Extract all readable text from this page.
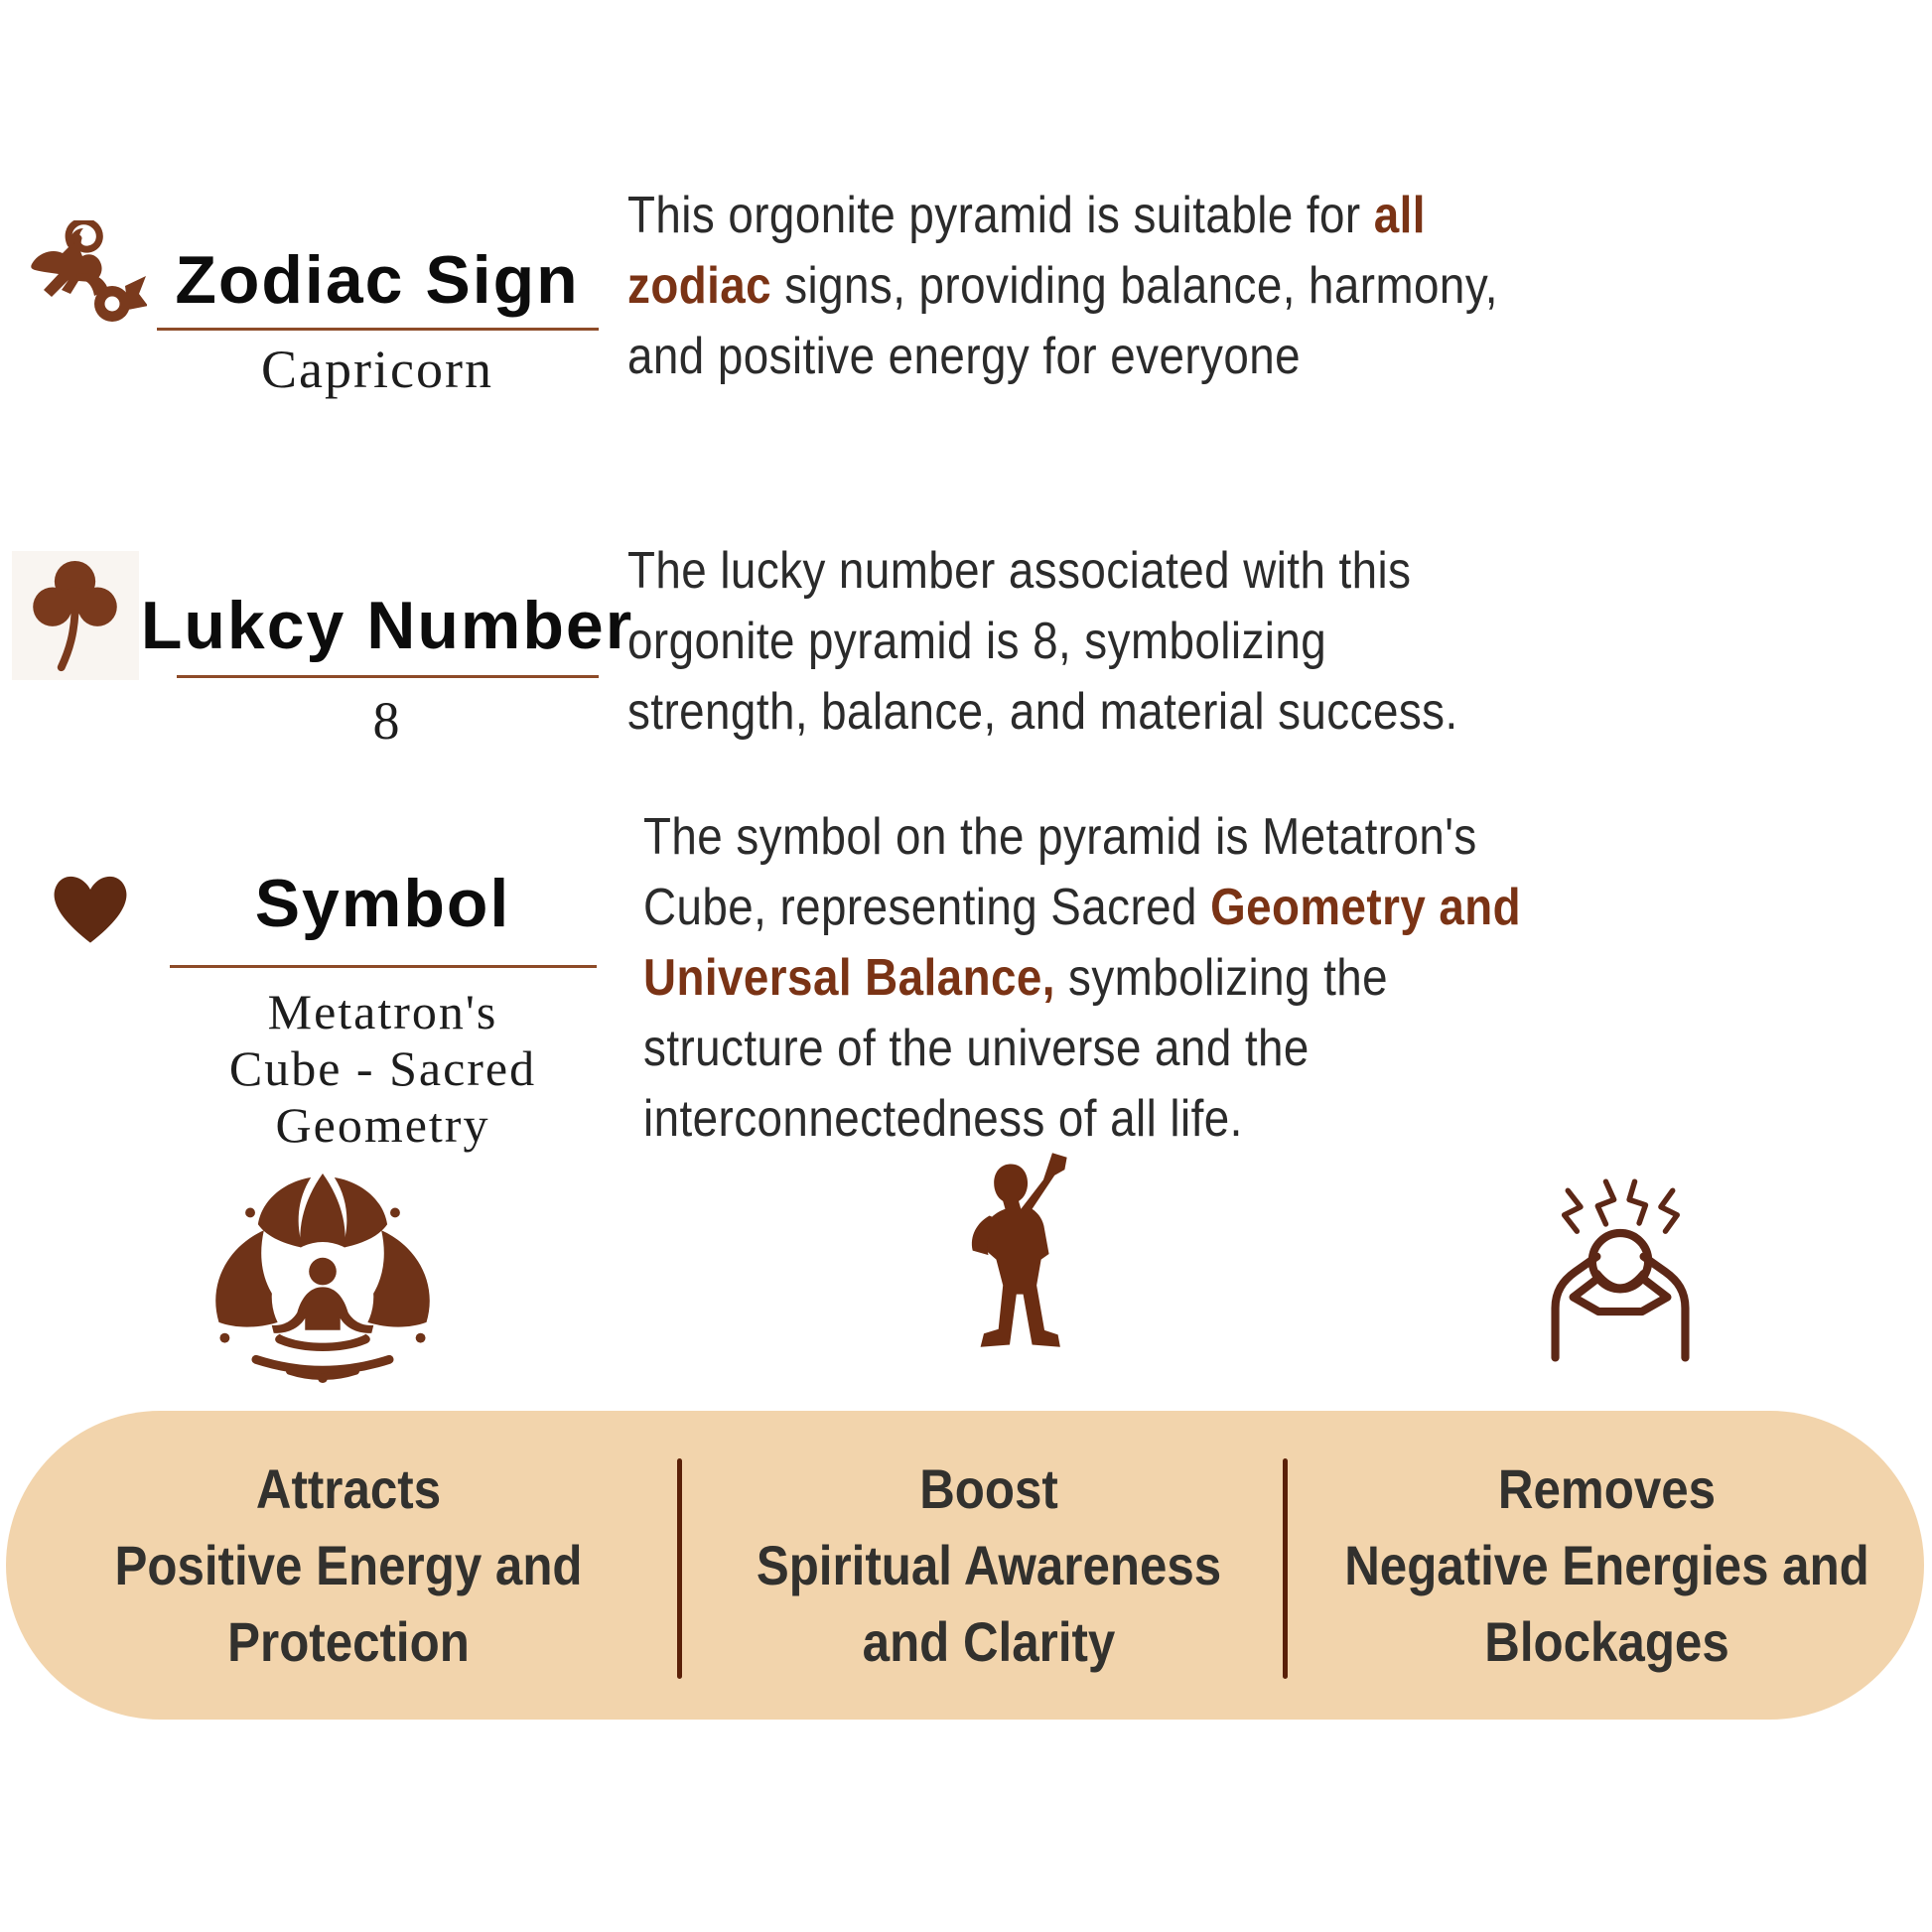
Zodiac Sign
Capricorn
This orgonite pyramid is suitable for all
zodiac signs, providing balance, harmony,
and positive energy for everyone
Lukcy Number
8
The lucky number associated with this
orgonite pyramid is 8, symbolizing
strength, balance, and material success.
Symbol
Metatron's
Cube - Sacred
Geometry
The symbol on the pyramid is Metatron's
Cube, representing Sacred Geometry and
Universal Balance, symbolizing the
structure of the universe and the
interconnectedness of all life.
Attracts
Positive Energy and
Protection
Boost
Spiritual Awareness
and Clarity
Removes
Negative Energies and
Blockages
